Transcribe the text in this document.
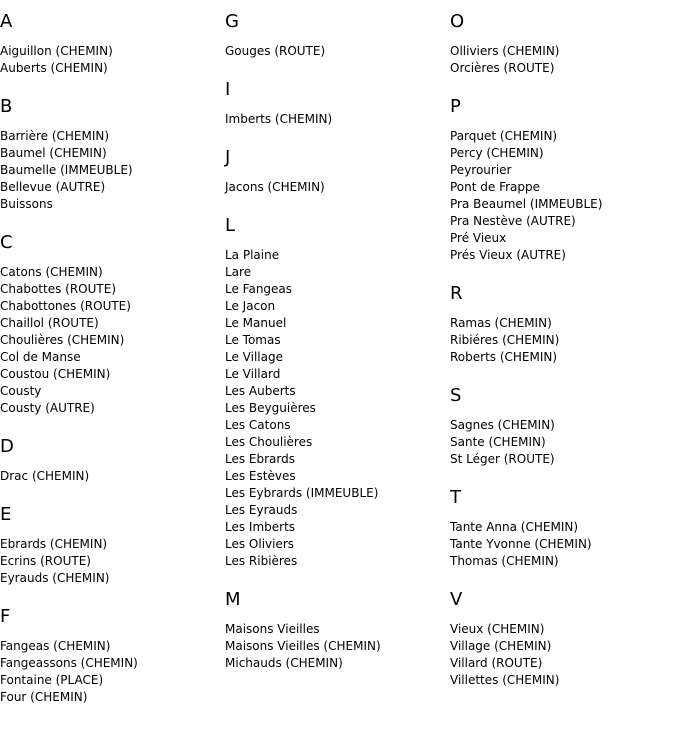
A
Aiguillon (CHEMIN)
Auberts (CHEMIN)
B
Barrière (CHEMIN)
Baumel (CHEMIN)
Baumelle (IMMEUBLE)
Bellevue (AUTRE)
Buissons
C
Catons (CHEMIN)
Chabottes (ROUTE)
Chabottones (ROUTE)
Chaillol (ROUTE)
Choulières (CHEMIN)
Col de Manse
Coustou (CHEMIN)
Cousty
Cousty (AUTRE)
D
Drac (CHEMIN)
E
Ebrards (CHEMIN)
Ecrins (ROUTE)
Eyrauds (CHEMIN)
F
Fangeas (CHEMIN)
Fangeassons (CHEMIN)
Fontaine (PLACE)
Four (CHEMIN)
G
Gouges (ROUTE)
I
Imberts (CHEMIN)
J
Jacons (CHEMIN)
L
La Plaine
Lare
Le Fangeas
Le Jacon
Le Manuel
Le Tomas
Le Village
Le Villard
Les Auberts
Les Beyguières
Les Catons
Les Choulières
Les Ebrards
Les Estèves
Les Eybrards (IMMEUBLE)
Les Eyrauds
Les Imberts
Les Oliviers
Les Ribières
M
Maisons Vieilles
Maisons Vieilles (CHEMIN)
Michauds (CHEMIN)
O
Olliviers (CHEMIN)
Orcières (ROUTE)
P
Parquet (CHEMIN)
Percy (CHEMIN)
Peyrourier
Pont de Frappe
Pra Beaumel (IMMEUBLE)
Pra Nestève (AUTRE)
Pré Vieux
Prés Vieux (AUTRE)
R
Ramas (CHEMIN)
Ribiéres (CHEMIN)
Roberts (CHEMIN)
S
Sagnes (CHEMIN)
Sante (CHEMIN)
St Léger (ROUTE)
T
Tante Anna (CHEMIN)
Tante Yvonne (CHEMIN)
Thomas (CHEMIN)
V
Vieux (CHEMIN)
Village (CHEMIN)
Villard (ROUTE)
Villettes (CHEMIN)
